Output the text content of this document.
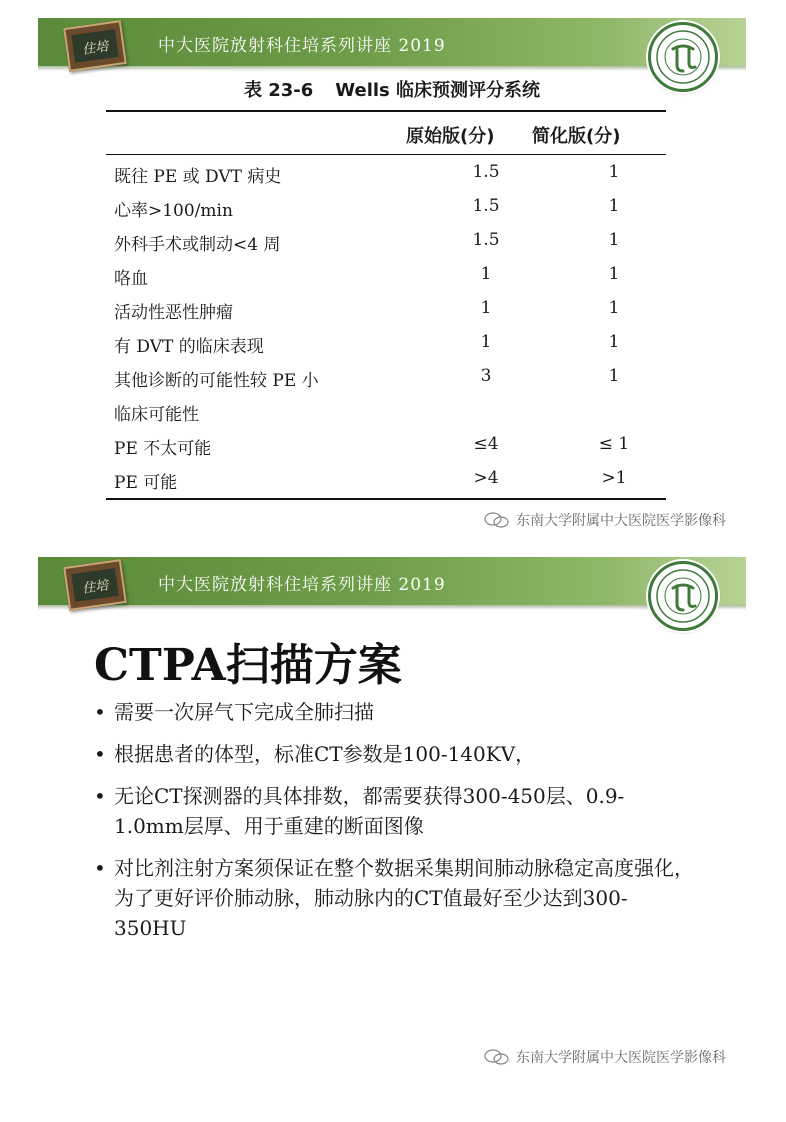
住培	中大医院放射科住培系列讲座 2019
表 23-6 Wells 临床预测评分系统
原始版(分) 简化版(分)
既往 PE 或 DVT 病史	1.5	1
心率>100/min	1.5	1
外科手术或制动<4 周	1.5	1
咯血	1	1
活动性恶性肿瘤	1	1
有 DVT 的临床表现	1	1
其他诊断的可能性较 PE 小	3	1
临床可能性
PE 不太可能	≤4	≤ 1
PE 可能	>4	>1
东南大学附属中大医院医学影像科
住培	中大医院放射科住培系列讲座 2019
CTPA扫描方案
• 需要一次屏气下完成全肺扫描
• 根据患者的体型，标准CT参数是100-140KV，
• 无论CT探测器的具体排数，都需要获得300-450层、0.9-1.0mm层厚、用于重建的断面图像
• 对比剂注射方案须保证在整个数据采集期间肺动脉稳定高度强化，为了更好评价肺动脉，肺动脉内的CT值最好至少达到300-350HU
东南大学附属中大医院医学影像科
